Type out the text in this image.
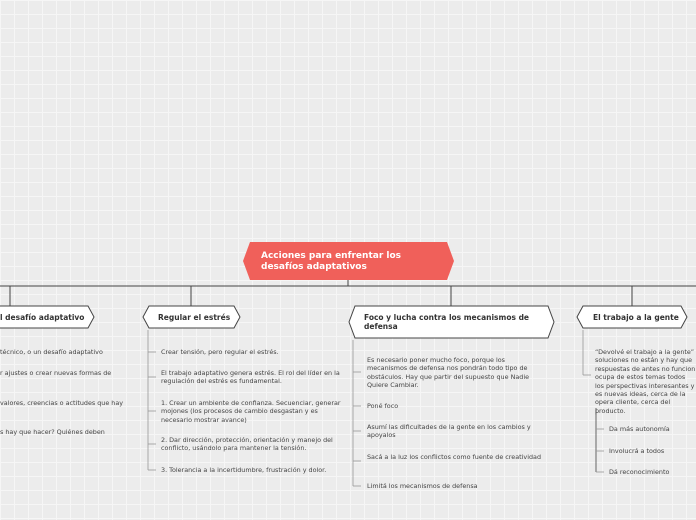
Acciones para enfrentar los desafíos adaptativos
l desafío adaptativo	Regular el estrés	Foco y lucha contra los mecanismos de defensa
El trabajo a la gente
técnico, o un desafío adaptativo
r ajustes o crear nuevas formas de
valores, creencias o actitudes que hay
s hay que hacer? Quiénes deben
Crear tensión, pero regular el estrés.
El trabajo adaptativo genera estrés. El rol del líder en la regulación del estrés es fundamental.
1. Crear un ambiente de confianza. Secuenciar, generar mojones (los procesos de cambio desgastan y es necesario mostrar avance)
2. Dar dirección, protección, orientación y manejo del conflicto, usándolo para mantener la tensión.
3. Tolerancia a la incertidumbre, frustración y dolor.
Es necesario poner mucho foco, porque los mecanismos de defensa nos pondrán todo tipo de obstáculos. Hay que partir del supuesto que Nadie Quiere Cambiar.
Poné foco
Asumí las dificultades de la gente en los cambios y apoyalos
Sacá a la luz los conflictos como fuente de creatividad
Limitá los mecanismos de defensa
“Devolvé el trabajo a la gente” soluciones no están y hay que respuestas de antes no funcion ocupa de estos temas todos los perspectivas interesantes y es nuevas ideas, cerca de la opera cliente, cerca del producto.
Da más autonomía
Involucrá a todos
Dá reconocimiento
